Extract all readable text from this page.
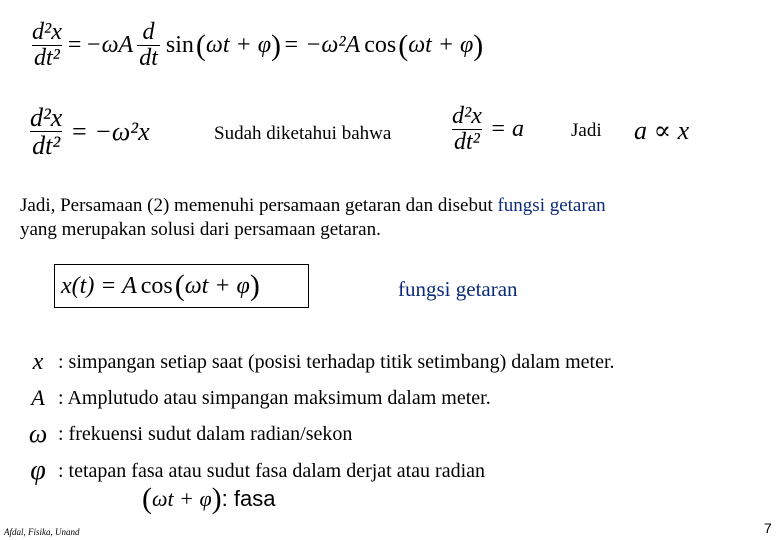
$\frac{\text{d²x}}{\text{dt²}} = -\omega A \frac{d}{dt}$ sin ( ωt + φ ) = −ω²A cos ( ωt + φ )
$\frac{\text{d²x}}{\text{dt²}} = -\omega^2x$	Sudah diketahui bahwa $\frac{\text{d²x}}{\text{dt²}} = a$ Jadi a ∝ x
Jadi, Persamaan (2) memenuhi persamaan getaran dan disebut fungsi getaran
yang merupakan solusi dari persamaan getaran.
x(t) = A cos ( ωt + φ )	fungsi getaran
x : simpangan setiap saat (posisi terhadap titik setimbang) dalam meter.
A : Amplutudo atau simpangan maksimum dalam meter.
ω : frekuensi sudut dalam radian/sekon
φ : tetapan fasa atau sudut fasa dalam derjat atau radian
( ωt + φ ) : fasa
Afdal, Fisika, Unand	7
